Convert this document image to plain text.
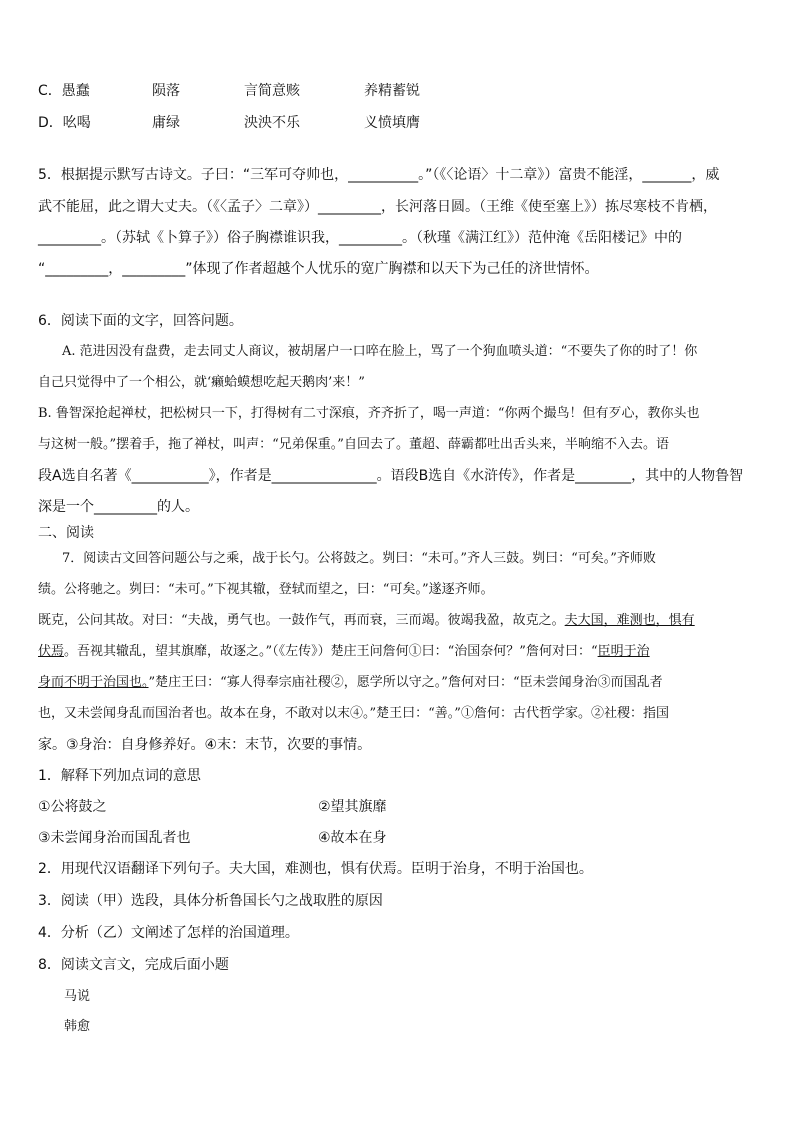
C．愚蠢	陨落	言简意赅	养精蓄锐
D．吆喝	庸绿	泱泱不乐	义愤填膺
5．根据提示默写古诗文。子曰：“三军可夺帅也，__________。”（《〈论语〉十二章》）富贵不能淫，_______，威
武不能屈，此之谓大丈夫。（《〈孟子〉二章》）_________，长河落日圆。（王维《使至塞上》）拣尽寒枝不肯栖，
_________。（苏轼《卜算子》）俗子胸襟谁识我，_________。（秋瑾《满江红》）范仲淹《岳阳楼记》中的
“_________，_________”体现了作者超越个人忧乐的宽广胸襟和以天下为己任的济世情怀。
6．阅读下面的文字，回答问题。
A. 范进因没有盘费，走去同丈人商议，被胡屠户一口啐在脸上，骂了一个狗血喷头道：“不要失了你的时了！你
自己只觉得中了一个相公，就‘癞蛤蟆想吃起天鹅肉’来！”
B. 鲁智深抢起禅杖，把松树只一下，打得树有二寸深痕，齐齐折了，喝一声道：“你两个撮鸟！但有歹心，教你头也
与这树一般。”摆着手，拖了禅杖，叫声：“兄弟保重。”自回去了。董超、薛霸都吐出舌头来，半晌缩不入去。语
段A选自名著《___________》，作者是_______________。语段B选自《水浒传》，作者是________，其中的人物鲁智
深是一个_________的人。
二、阅读
7．阅读古文回答问题公与之乘，战于长勺。公将鼓之。刿曰：“未可。”齐人三鼓。刿曰：“可矣。”齐师败
绩。公将驰之。刿曰：“未可。”下视其辙，登轼而望之，曰：“可矣。”遂逐齐师。
既克，公问其故。对曰：“夫战，勇气也。一鼓作气，再而衰，三而竭。彼竭我盈，故克之。夫大国，难测也，惧有
伏焉。吾视其辙乱，望其旗靡，故逐之。”（《左传》）楚庄王问詹何①曰：“治国奈何？”詹何对曰：“臣明于治
身而不明于治国也。”楚庄王曰：“寡人得奉宗庙社稷②，愿学所以守之。”詹何对曰：“臣未尝闻身治③而国乱者
也，又未尝闻身乱而国治者也。故本在身，不敢对以末④。”楚王曰：“善。”①詹何：古代哲学家。②社稷：指国
家。③身治：自身修养好。④末：末节，次要的事情。
1．解释下列加点词的意思
①公将鼓之	②望其旗靡
③未尝闻身治而国乱者也	④故本在身
2．用现代汉语翻译下列句子。夫大国，难测也，惧有伏焉。臣明于治身，不明于治国也。
3．阅读（甲）选段，具体分析鲁国长勺之战取胜的原因
4．分析（乙）文阐述了怎样的治国道理。
8．阅读文言文，完成后面小题
马说
韩愈
